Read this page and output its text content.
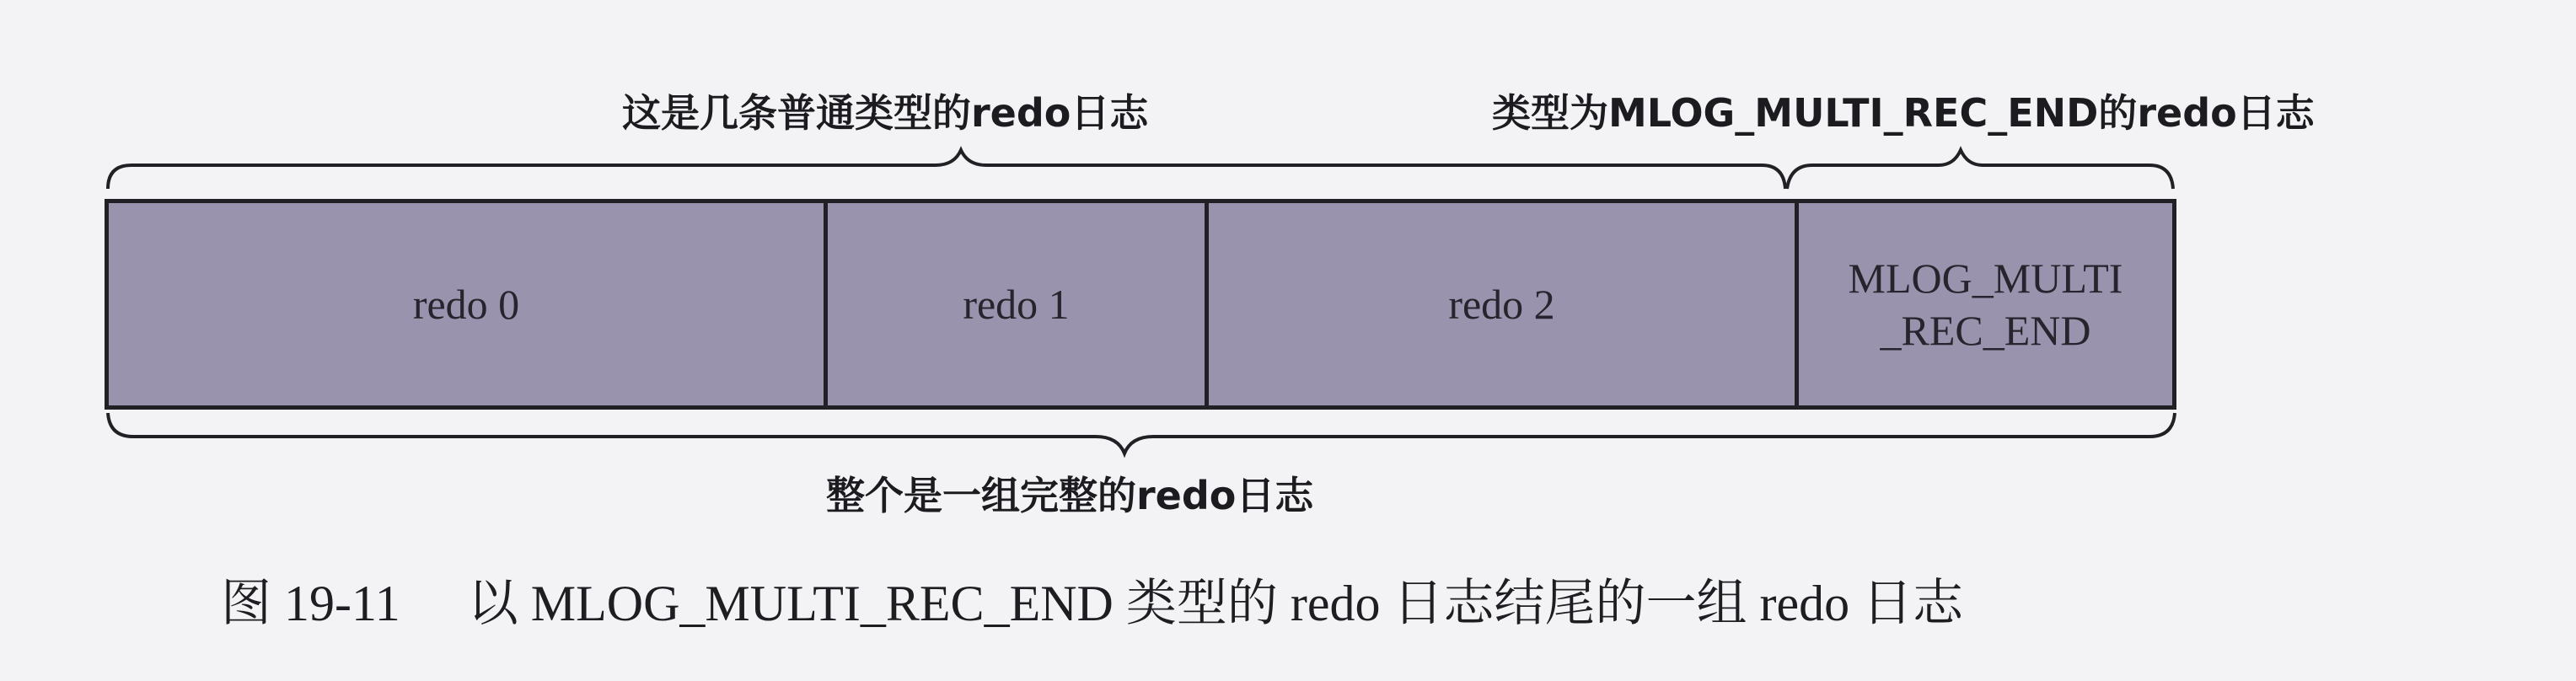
这是几条普通类型的redo日志	类型为MLOG_MULTI_REC_END的redo日志
redo 0	redo 1	redo 2
MLOG_MULTI
_REC_END
整个是一组完整的redo日志
图 19-11 以 MLOG_MULTI_REC_END 类型的 redo 日志结尾的一组 redo 日志
